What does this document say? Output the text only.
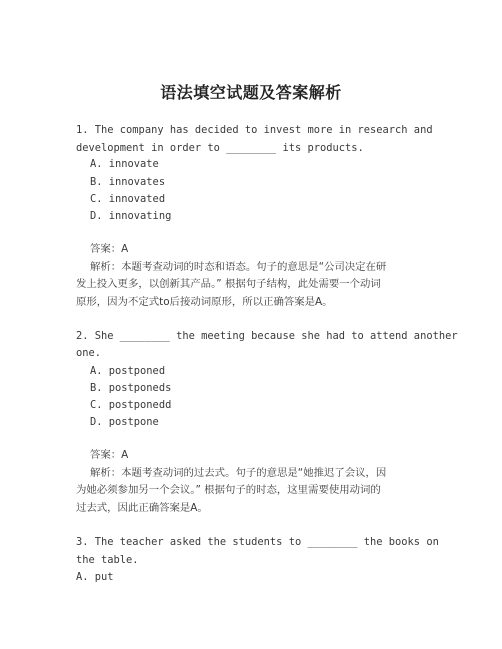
语法填空试题及答案解析
1. The company has decided to invest more in research and
development in order to ________ its products.
A. innovate
B. innovates
C. innovated
D. innovating
答案：A
解析：本题考查动词的时态和语态。句子的意思是“公司决定在研
发上投入更多，以创新其产品。” 根据句子结构，此处需要一个动词
原形，因为不定式to后接动词原形，所以正确答案是A。
2. She ________ the meeting because she had to attend another
one.
A. postponed
B. postponeds
C. postponedd
D. postpone
答案：A
解析：本题考查动词的过去式。句子的意思是“她推迟了会议，因
为她必须参加另一个会议。” 根据句子的时态，这里需要使用动词的
过去式，因此正确答案是A。
3. The teacher asked the students to ________ the books on
the table.
A. put
